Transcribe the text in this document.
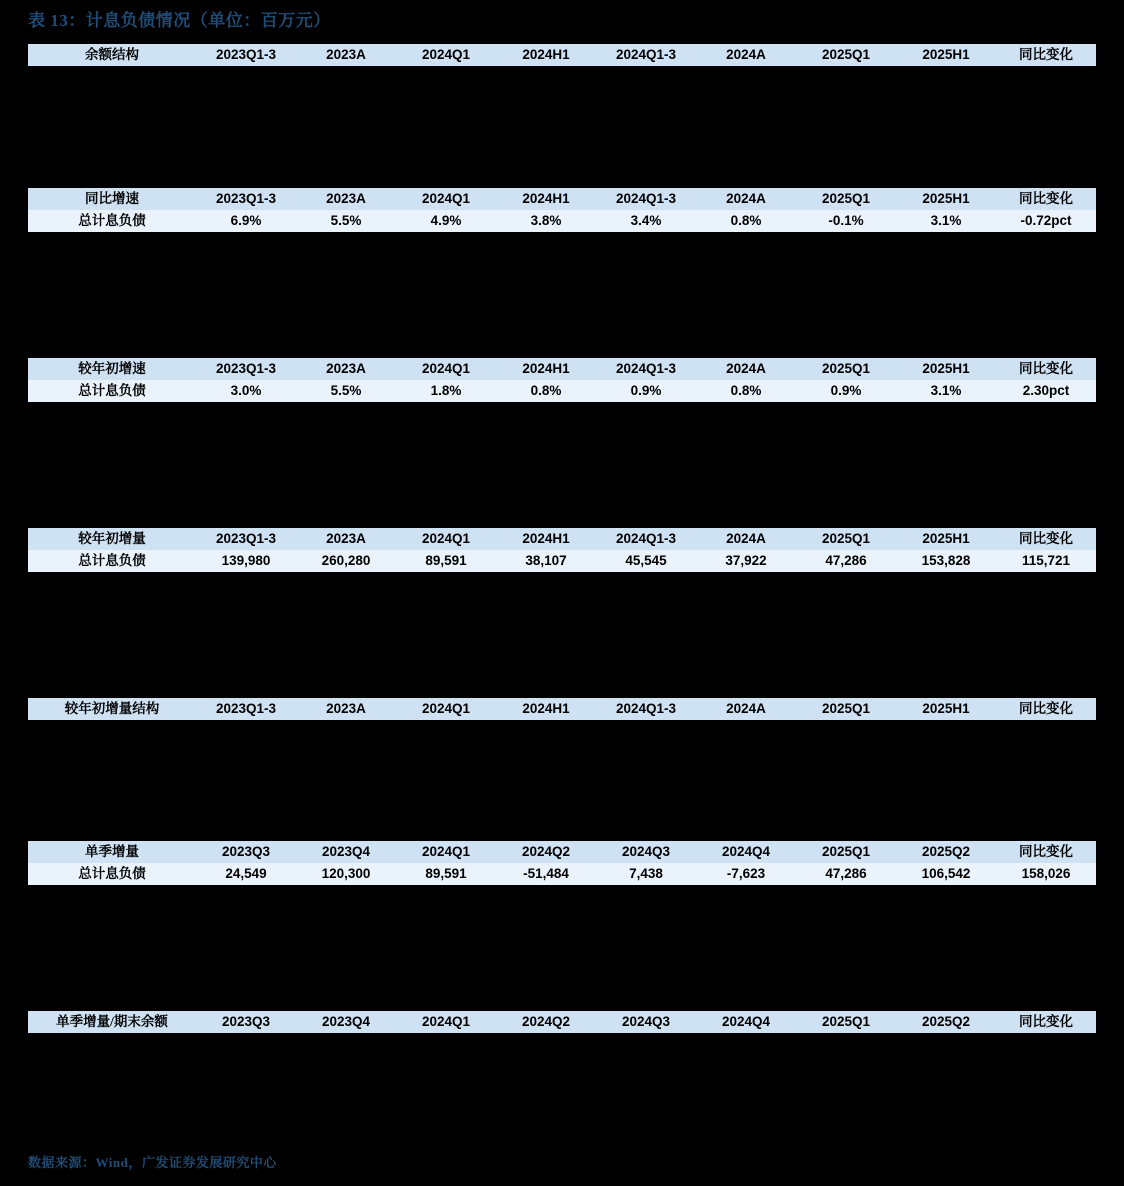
表 13：计息负债情况（单位：百万元）
余额结构	2023Q1-3	2023A	2024Q1	2024H1	2024Q1-3	2024A	2025Q1	2025H1	同比变化
同比增速	2023Q1-3	2023A	2024Q1	2024H1	2024Q1-3	2024A	2025Q1	2025H1	同比变化
总计息负债	6.9%	5.5%	4.9%	3.8%	3.4%	0.8%	-0.1%	3.1%	-0.72pct
较年初增速	2023Q1-3	2023A	2024Q1	2024H1	2024Q1-3	2024A	2025Q1	2025H1	同比变化
总计息负债	3.0%	5.5%	1.8%	0.8%	0.9%	0.8%	0.9%	3.1%	2.30pct
较年初增量	2023Q1-3	2023A	2024Q1	2024H1	2024Q1-3	2024A	2025Q1	2025H1	同比变化
总计息负债	139,980	260,280	89,591	38,107	45,545	37,922	47,286	153,828	115,721
较年初增量结构	2023Q1-3	2023A	2024Q1	2024H1	2024Q1-3	2024A	2025Q1	2025H1	同比变化
单季增量	2023Q3	2023Q4	2024Q1	2024Q2	2024Q3	2024Q4	2025Q1	2025Q2	同比变化
总计息负债	24,549	120,300	89,591	-51,484	7,438	-7,623	47,286	106,542	158,026
单季增量/期末余额	2023Q3	2023Q4	2024Q1	2024Q2	2024Q3	2024Q4	2025Q1	2025Q2	同比变化
数据来源：Wind，广发证券发展研究中心
